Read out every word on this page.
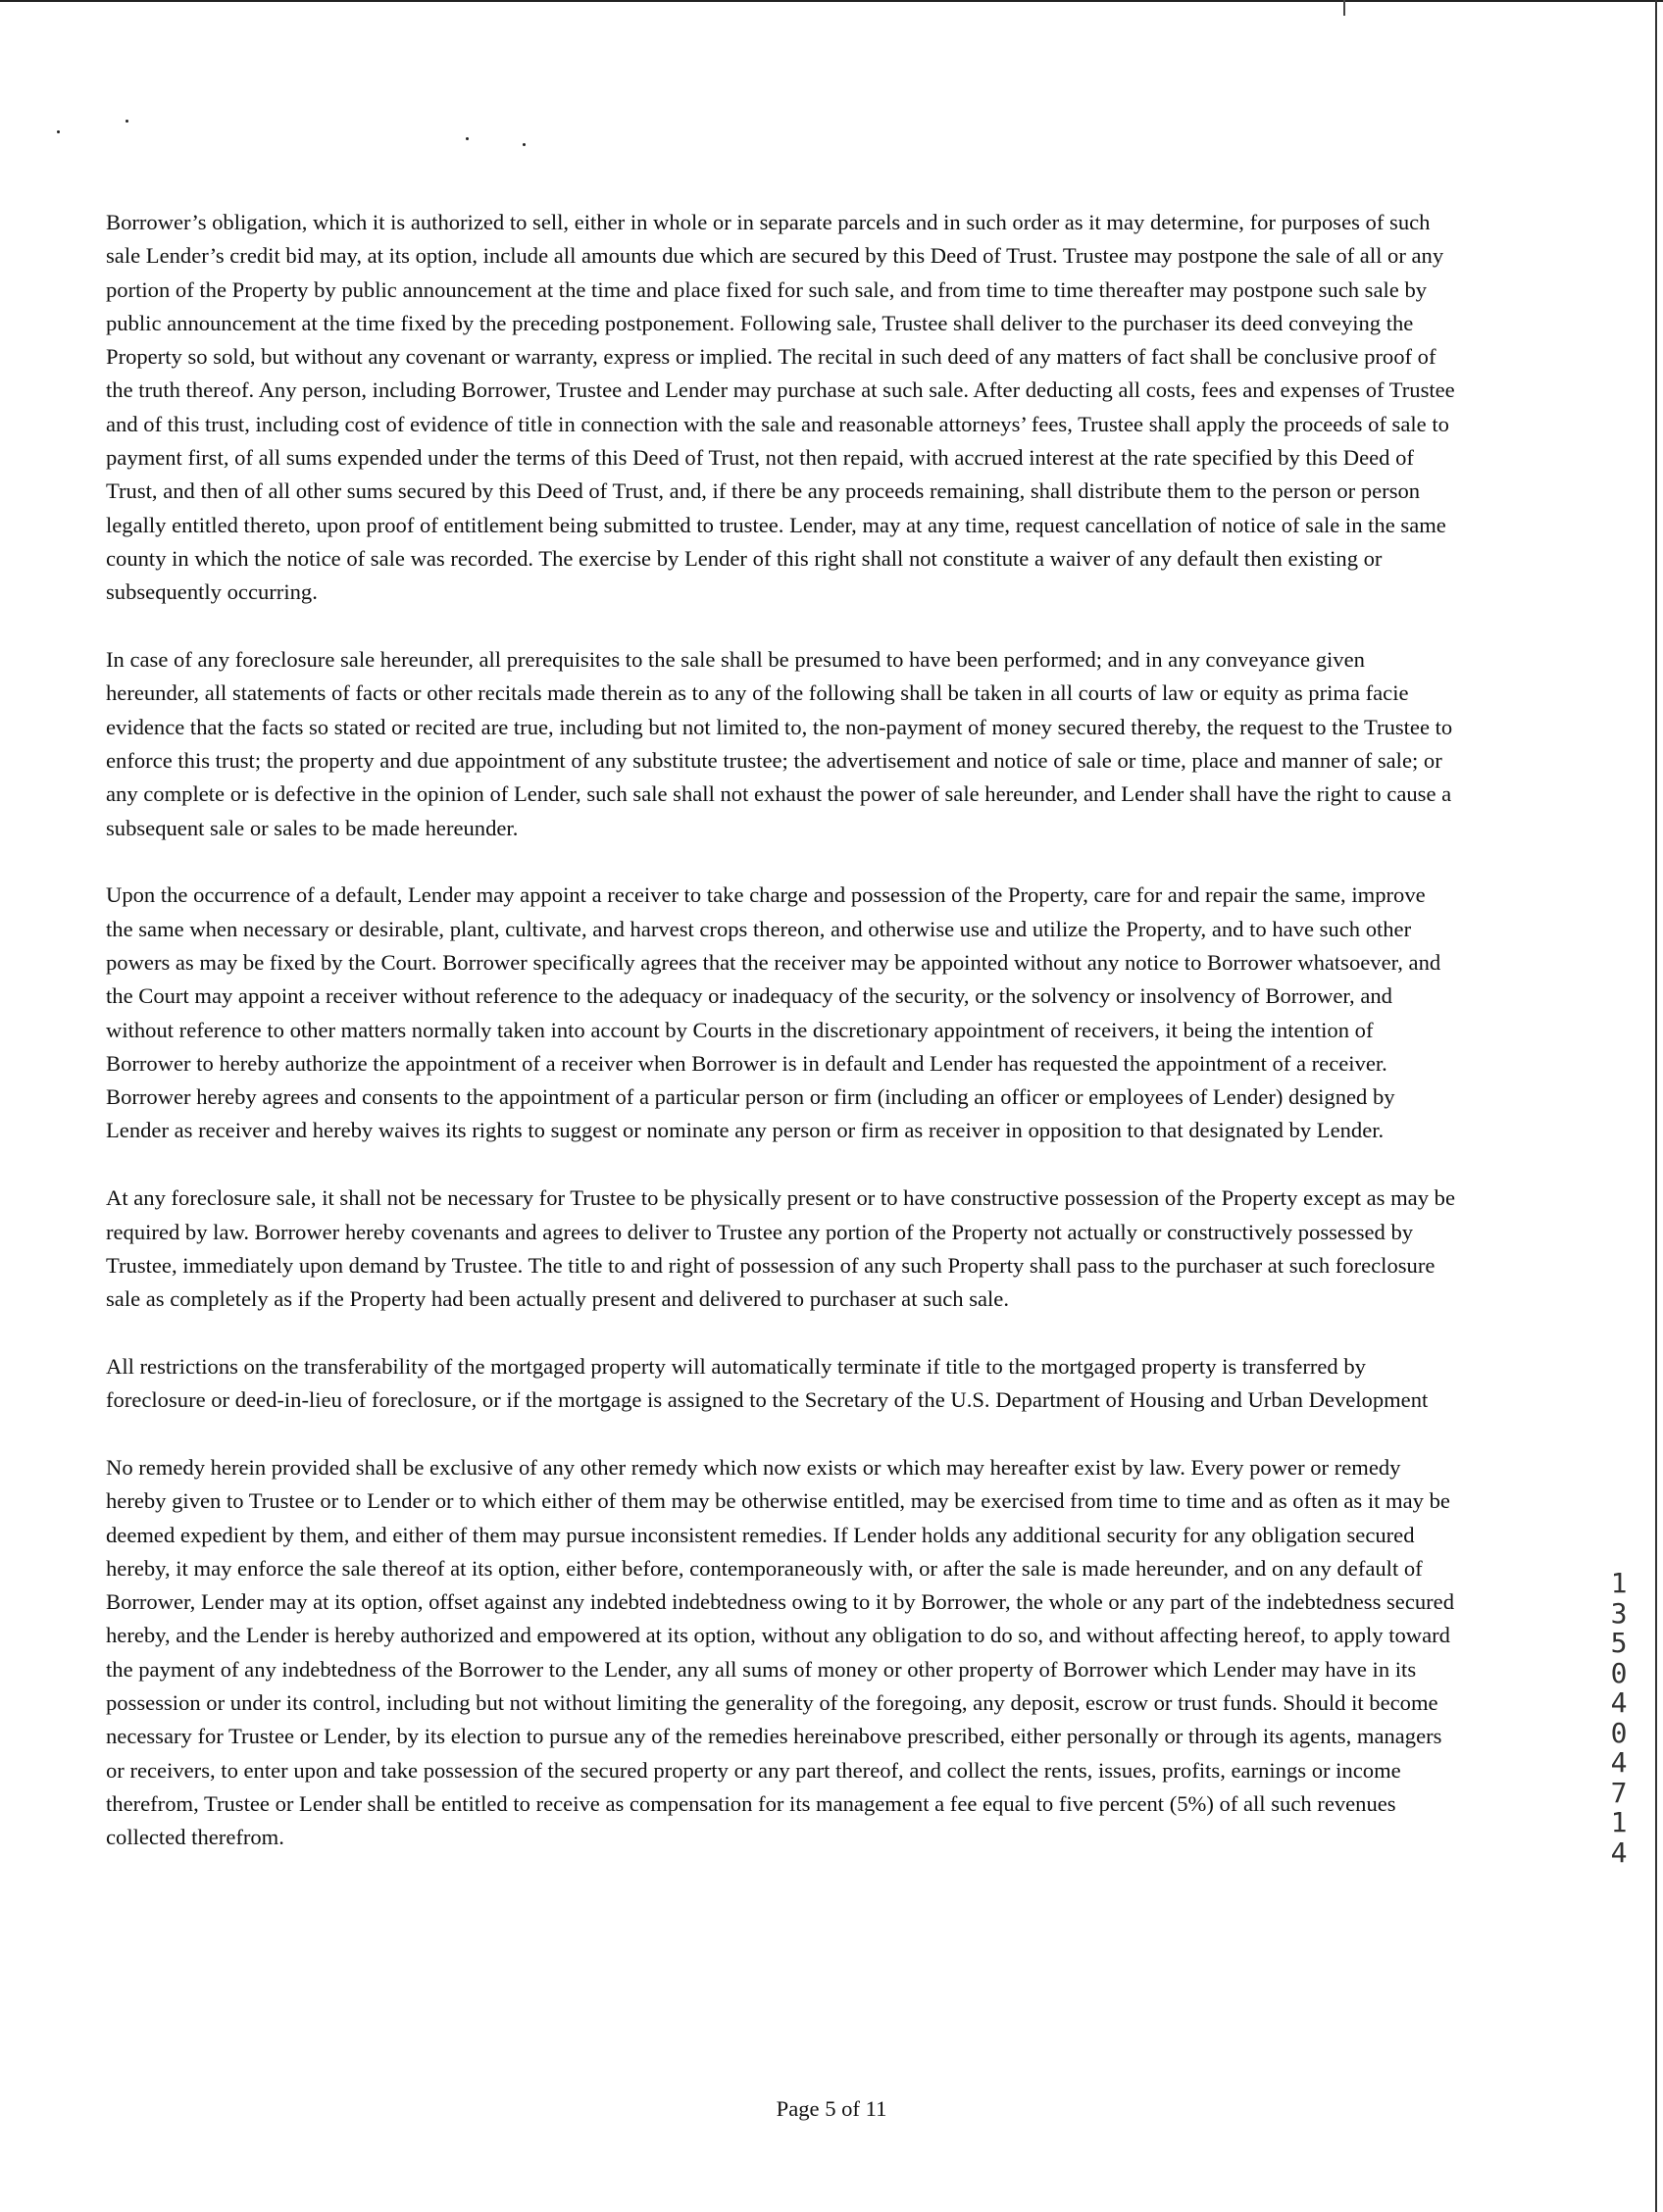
Borrower’s obligation, which it is authorized to sell, either in whole or in separate parcels and in such order as it may determine, for purposes of such sale Lender’s credit bid may, at its option, include all amounts due which are secured by this Deed of Trust. Trustee may postpone the sale of all or any portion of the Property by public announcement at the time and place fixed for such sale, and from time to time thereafter may postpone such sale by public announcement at the time fixed by the preceding postponement. Following sale, Trustee shall deliver to the purchaser its deed conveying the Property so sold, but without any covenant or warranty, express or implied. The recital in such deed of any matters of fact shall be conclusive proof of the truth thereof. Any person, including Borrower, Trustee and Lender may purchase at such sale. After deducting all costs, fees and expenses of Trustee and of this trust, including cost of evidence of title in connection with the sale and reasonable attorneys’ fees, Trustee shall apply the proceeds of sale to payment first, of all sums expended under the terms of this Deed of Trust, not then repaid, with accrued interest at the rate specified by this Deed of Trust, and then of all other sums secured by this Deed of Trust, and, if there be any proceeds remaining, shall distribute them to the person or person legally entitled thereto, upon proof of entitlement being submitted to trustee. Lender, may at any time, request cancellation of notice of sale in the same county in which the notice of sale was recorded. The exercise by Lender of this right shall not constitute a waiver of any default then existing or subsequently occurring.

In case of any foreclosure sale hereunder, all prerequisites to the sale shall be presumed to have been performed; and in any conveyance given hereunder, all statements of facts or other recitals made therein as to any of the following shall be taken in all courts of law or equity as prima facie evidence that the facts so stated or recited are true, including but not limited to, the non-payment of money secured thereby, the request to the Trustee to enforce this trust; the property and due appointment of any substitute trustee; the advertisement and notice of sale or time, place and manner of sale; or any complete or is defective in the opinion of Lender, such sale shall not exhaust the power of sale hereunder, and Lender shall have the right to cause a subsequent sale or sales to be made hereunder.

Upon the occurrence of a default, Lender may appoint a receiver to take charge and possession of the Property, care for and repair the same, improve the same when necessary or desirable, plant, cultivate, and harvest crops thereon, and otherwise use and utilize the Property, and to have such other powers as may be fixed by the Court. Borrower specifically agrees that the receiver may be appointed without any notice to Borrower whatsoever, and the Court may appoint a receiver without reference to the adequacy or inadequacy of the security, or the solvency or insolvency of Borrower, and without reference to other matters normally taken into account by Courts in the discretionary appointment of receivers, it being the intention of Borrower to hereby authorize the appointment of a receiver when Borrower is in default and Lender has requested the appointment of a receiver. Borrower hereby agrees and consents to the appointment of a particular person or firm (including an officer or employees of Lender) designed by Lender as receiver and hereby waives its rights to suggest or nominate any person or firm as receiver in opposition to that designated by Lender.

At any foreclosure sale, it shall not be necessary for Trustee to be physically present or to have constructive possession of the Property except as may be required by law. Borrower hereby covenants and agrees to deliver to Trustee any portion of the Property not actually or constructively possessed by Trustee, immediately upon demand by Trustee. The title to and right of possession of any such Property shall pass to the purchaser at such foreclosure sale as completely as if the Property had been actually present and delivered to purchaser at such sale.

All restrictions on the transferability of the mortgaged property will automatically terminate if title to the mortgaged property is transferred by foreclosure or deed-in-lieu of foreclosure, or if the mortgage is assigned to the Secretary of the U.S. Department of Housing and Urban Development

No remedy herein provided shall be exclusive of any other remedy which now exists or which may hereafter exist by law. Every power or remedy hereby given to Trustee or to Lender or to which either of them may be otherwise entitled, may be exercised from time to time and as often as it may be deemed expedient by them, and either of them may pursue inconsistent remedies. If Lender holds any additional security for any obligation secured hereby, it may enforce the sale thereof at its option, either before, contemporaneously with, or after the sale is made hereunder, and on any default of Borrower, Lender may at its option, offset against any indebted indebtedness owing to it by Borrower, the whole or any part of the indebtedness secured hereby, and the Lender is hereby authorized and empowered at its option, without any obligation to do so, and without affecting hereof, to apply toward the payment of any indebtedness of the Borrower to the Lender, any all sums of money or other property of Borrower which Lender may have in its possession or under its control, including but not without limiting the generality of the foregoing, any deposit, escrow or trust funds. Should it become necessary for Trustee or Lender, by its election to pursue any of the remedies hereinabove prescribed, either personally or through its agents, managers or receivers, to enter upon and take possession of the secured property or any part thereof, and collect the rents, issues, profits, earnings or income therefrom, Trustee or Lender shall be entitled to receive as compensation for its management a fee equal to five percent (5%) of all such revenues collected therefrom.

13504 04714
Page 5 of 11
